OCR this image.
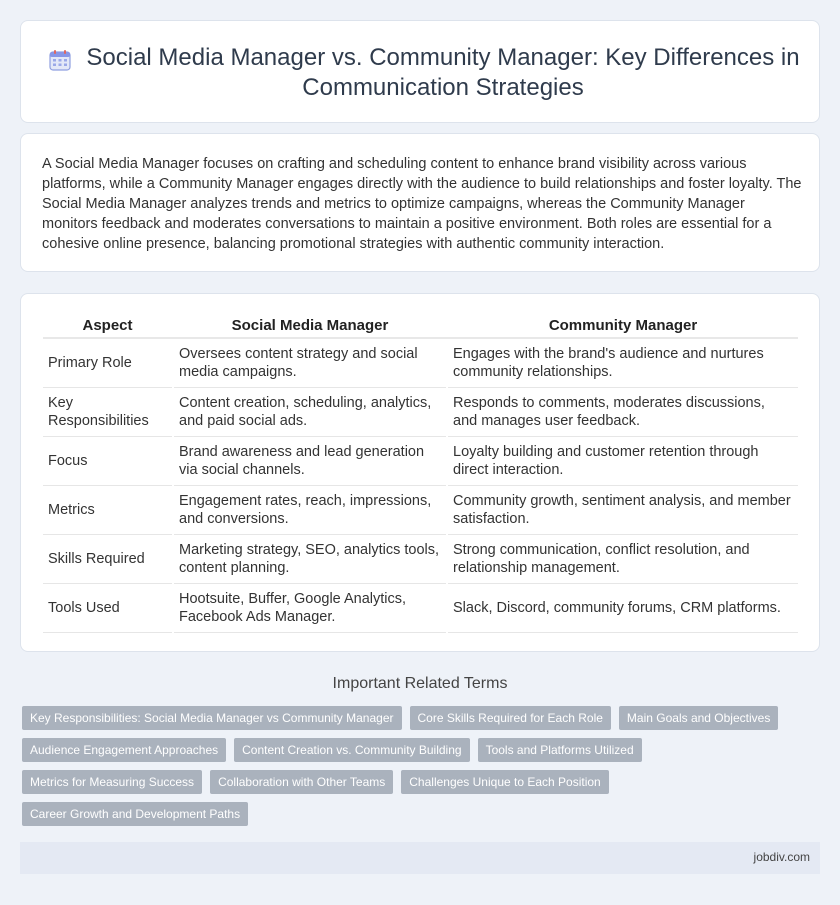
Social Media Manager vs. Community Manager: Key Differences in Communication Strategies

A Social Media Manager focuses on crafting and scheduling content to enhance brand visibility across various platforms, while a Community Manager engages directly with the audience to build relationships and foster loyalty. The Social Media Manager analyzes trends and metrics to optimize campaigns, whereas the Community Manager monitors feedback and moderates conversations to maintain a positive environment. Both roles are essential for a cohesive online presence, balancing promotional strategies with authentic community interaction.

Aspect	Social Media Manager	Community Manager
Primary Role	Oversees content strategy and social media campaigns.	Engages with the brand's audience and nurtures community relationships.
Key Responsibilities	Content creation, scheduling, analytics, and paid social ads.	Responds to comments, moderates discussions, and manages user feedback.
Focus	Brand awareness and lead generation via social channels.	Loyalty building and customer retention through direct interaction.
Metrics	Engagement rates, reach, impressions, and conversions.	Community growth, sentiment analysis, and member satisfaction.
Skills Required	Marketing strategy, SEO, analytics tools, content planning.	Strong communication, conflict resolution, and relationship management.
Tools Used	Hootsuite, Buffer, Google Analytics, Facebook Ads Manager.	Slack, Discord, community forums, CRM platforms.
Important Related Terms
Key Responsibilities: Social Media Manager vs Community Manager	Core Skills Required for Each Role	Main Goals and Objectives
Audience Engagement Approaches	Content Creation vs. Community Building	Tools and Platforms Utilized
Metrics for Measuring Success	Collaboration with Other Teams	Challenges Unique to Each Position
Career Growth and Development Paths
jobdiv.com
